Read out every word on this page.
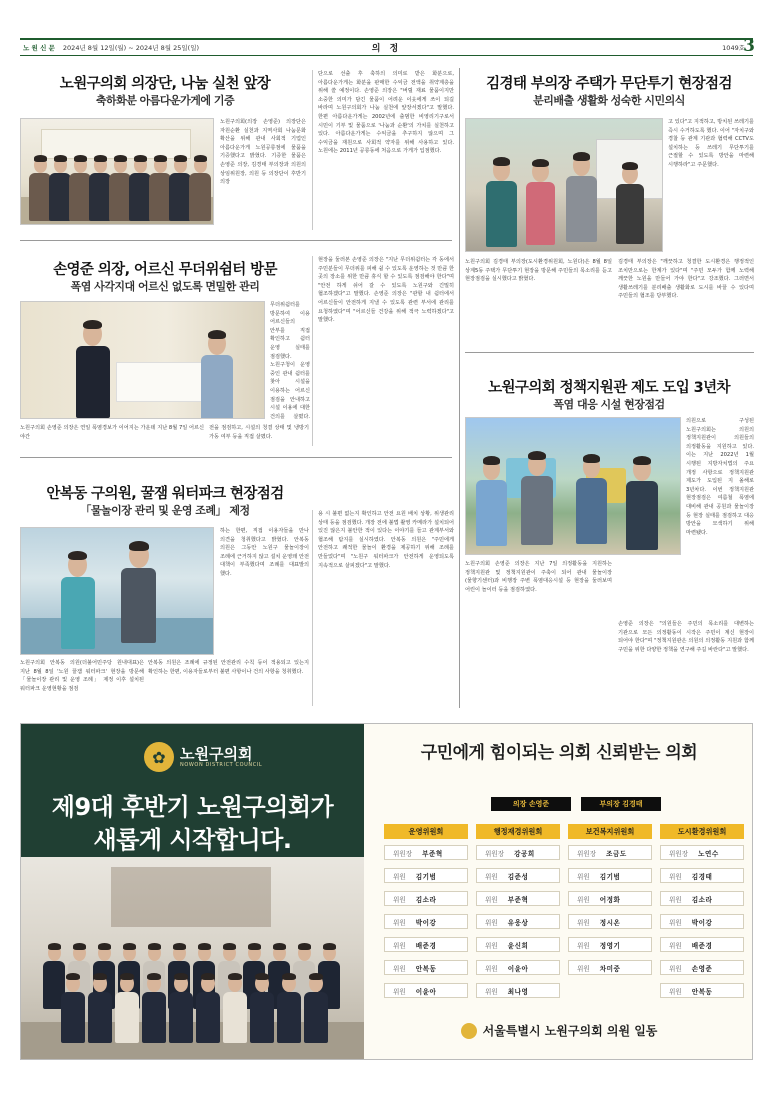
노 원 신 문 2024년 8월 12일(월) ~ 2024년 8월 25일(일)	의 정	1049호
3
노원구의회 의장단, 나눔 실천 앞장
축하화분 아름다운가게에 기증
노원구의회(의장 손영준) 의장단은 자원순환 실천과 지역사회 나눔문화 확산을 위해 관내 사회적 기업인 아름다운가게 노원공릉점에 물품을 기증했다고 밝혔다. 기증한 물품은 손영준 의장, 김경태 부의장과 의원의 상임위원장, 의원 등 의장단이 후반기 의장
단으로 선출 후 축하의 의미로 받은 화분으로, 아름다운가게는 화분을 판매한 수익금 전액을 취약계층을 위해 쓸 예정이다. 손영준 의장은 "버릴 재료 물품이지만 소중한 의미가 담긴 물품이 어려운 이웃에게 쓰이 되길 바라며 노원구의회가 나눔 실천에 앞장서겠다"고 말했다. 한편 아름다운가게는 2002년에 출범한 비영리기구로서 시민이 기부 및 물품으로 '나눔과 순환'의 가치를 실천하고 있다. 아름다운가게는 수익금을 추구하지 않으며 그 수익금을 재원으로 사회적 약자를 위해 사용하고 있다. 노원에는 2011년 공릉동에 처음으로 가게가 입점했다.
손영준 의장, 어르신 무더위쉼터 방문
폭염 사각지대 어르신 없도록 면밀한 관리
노원구의회 손영준 의장은 연일 폭염경보가 이어지는 가운데 지난 8월 7일 어르신 야간
전을 점검하고, 시설의 청결 상태 및 냉방기 가동 여부 등을 직접 살폈다.
무더위쉼터를 방문하여 이용 어르신들의 안부를 직접 확인하고 쉼터 운영 실태를 점검했다. 노원구청이 운영 중인 관내 쉼터를 찾아 시설을 이용하는 어르신 점검을 안내하고 시설 이용에 대한 건의를 살폈다.
현장을 둘러본 손영준 의장은 "지난 무더위쉼터는 각 동에서 주민분들이 무더위를 피해 쉴 수 있도록 운영하는 것 만큼 한 곳의 장소를 위한 만큼 휴식 할 수 있도록 점검해야 한다"며 "안전 하게 쉬어 갈 수 있도록 노원구와 긴밀히 협조하겠다"고 말했다. 손영준 의장은 "관할 내 쉼터에서 어르신들이 안전하게 지낼 수 있도록 관련 부서에 관리를 요청하였다"며 "어르신들 건강을 위해 적극 노력하겠다"고 말했다.
안복동 구의원, 꿀잼 워터파크 현장점검
「물놀이장 관리 및 운영 조례」 제정
노원구의회 안복동 의원(더불어민주당 원내대표)은 지난 8월 8일 '노원 꿀잼 워터파크' 현장을 방문해 「물놀이장 관리 및 운영 조례」 제정 이후 설치된 워터파크 운영현황을 점검
안복동 의원은 조례에 규정된 안전관리 수칙 등이 적용되고 있는지 확인하는 한편, 이용자들로부터 불편 사항이나 건의 사항을 청취했다.
하는 한편, 직접 이용자들을 만나 의견을 청취했다고 밝혔다. 안복동 의원은 그동안 노원구 물놀이장이 조례에 근거하지 않고 설치 운영돼 안전 대책이 부족했다며 조례를 대표발의 했다.
용 시 불편 없는지 확인하고 안전 요원 배치 상황, 위생관리 상태 등을 점검했다. 개장 전에 불법 촬영 카메라가 설치되어 있진 않은지 불안한 적이 있다는 이야기를 들고 관계부서와 협조해 탐지를 실시하였다. 안복동 의원은 "주민에게 안전하고 쾌적한 물놀이 환경을 제공하기 위해 조례를 만들었다"며 "노원구 워터파크가 안전하게 운영되도록 지속적으로 살피겠다"고 말했다.
김경태 부의장 주택가 무단투기 현장점검
분리배출 생활화 성숙한 시민의식
고 있다"고 지적하고, 방치된 쓰레기를 즉시 수거하도록 했다. 이어 "자치구와 경찰 등 관계 기관과 협력해 CCTV도 설치하는 등 쓰레기 무단투기를 근절할 수 있도록 방안을 마련해 시행하라"고 주문했다.
노원구의회 김경태 부의장(도시환경위원회, 노원다)은 8월 8일 상계5동 주택가 무단투기 현장을 방문해 주민들의 목소리를 듣고 현장점검을 실시했다고 밝혔다.
김경태 부의장은 "깨끗하고 청결한 도시환경은 행정적인 조치만으로는 한계가 있다"며 "주민 모두가 함께 노력해 깨끗한 노원을 만들어 가야 한다"고 강조했다. 그러면서 생활쓰레기를 분리배출 생활화로 도시를 바꿀 수 있다며 주민들의 협조를 당부했다.
노원구의회 정책지원관 제도 도입 3년차
폭염 대응 시설 현장점검
의원으로 구성된 노원구의회는 의원의 정책지원관이 의원들의 의정활동을 지원하고 있다. 이는 지난 2022년 1월 시행된 지방자치법의 주요 개정 사항으로 정책지원관 제도가 도입된 지 올해로 3년차다. 이번 정책지원관 현장점검은 여름철 폭염에 대비해 관내 공원과 물놀이장 등 현장 실태를 점검하고 대응 방안을 모색하기 위해 마련됐다.
노원구의회 손영준 의장은 지난 7일 의정활동을 지원하는 정책지원관 및 정책지원관이 주축이 되어 관내 물놀이장(물향기센터)과 비행장 주변 폭염대응시설 등 현장을 둘러보며 어린이 놀이터 등을 점검하였다.
손영준 의장은 "의원들은 주민의 목소리를 대변하는 기관으로 모든 의정활동이 시작은 주민이 계신 현장이 되어야 한다"며 "정책지원관은 의원의 의정활동 지원과 함께 구민을 위한 다양한 정책을 연구해 주길 바란다"고 말했다.
✿ 노원구의회
NOWON DISTRICT COUNCIL
제9대 후반기 노원구의회가
새롭게 시작합니다.
구민에게 힘이되는 의회 신뢰받는 의회
의장 손영준	부의장 김경태
운영위원회
위원장 부준혁
위원 김기범
위원 김소라
위원 박이강
위원 배준경
위원 안복동
위원 이윤아
행정재경위원회
위원장 강공희
위원 김준성
위원 부준혁
위원 유웅상
위원 윤신희
위원 이윤아
위원 최나영
보건복지위원회
위원장 조금도
위원 김기범
위원 어정화
위원 정시온
위원 정영기
위원 차미중
도시환경위원회
위원장 노연수
위원 김경태
위원 김소라
위원 박이강
위원 배준경
위원 손영준
위원 안복동
서울특별시 노원구의회 의원 일동
